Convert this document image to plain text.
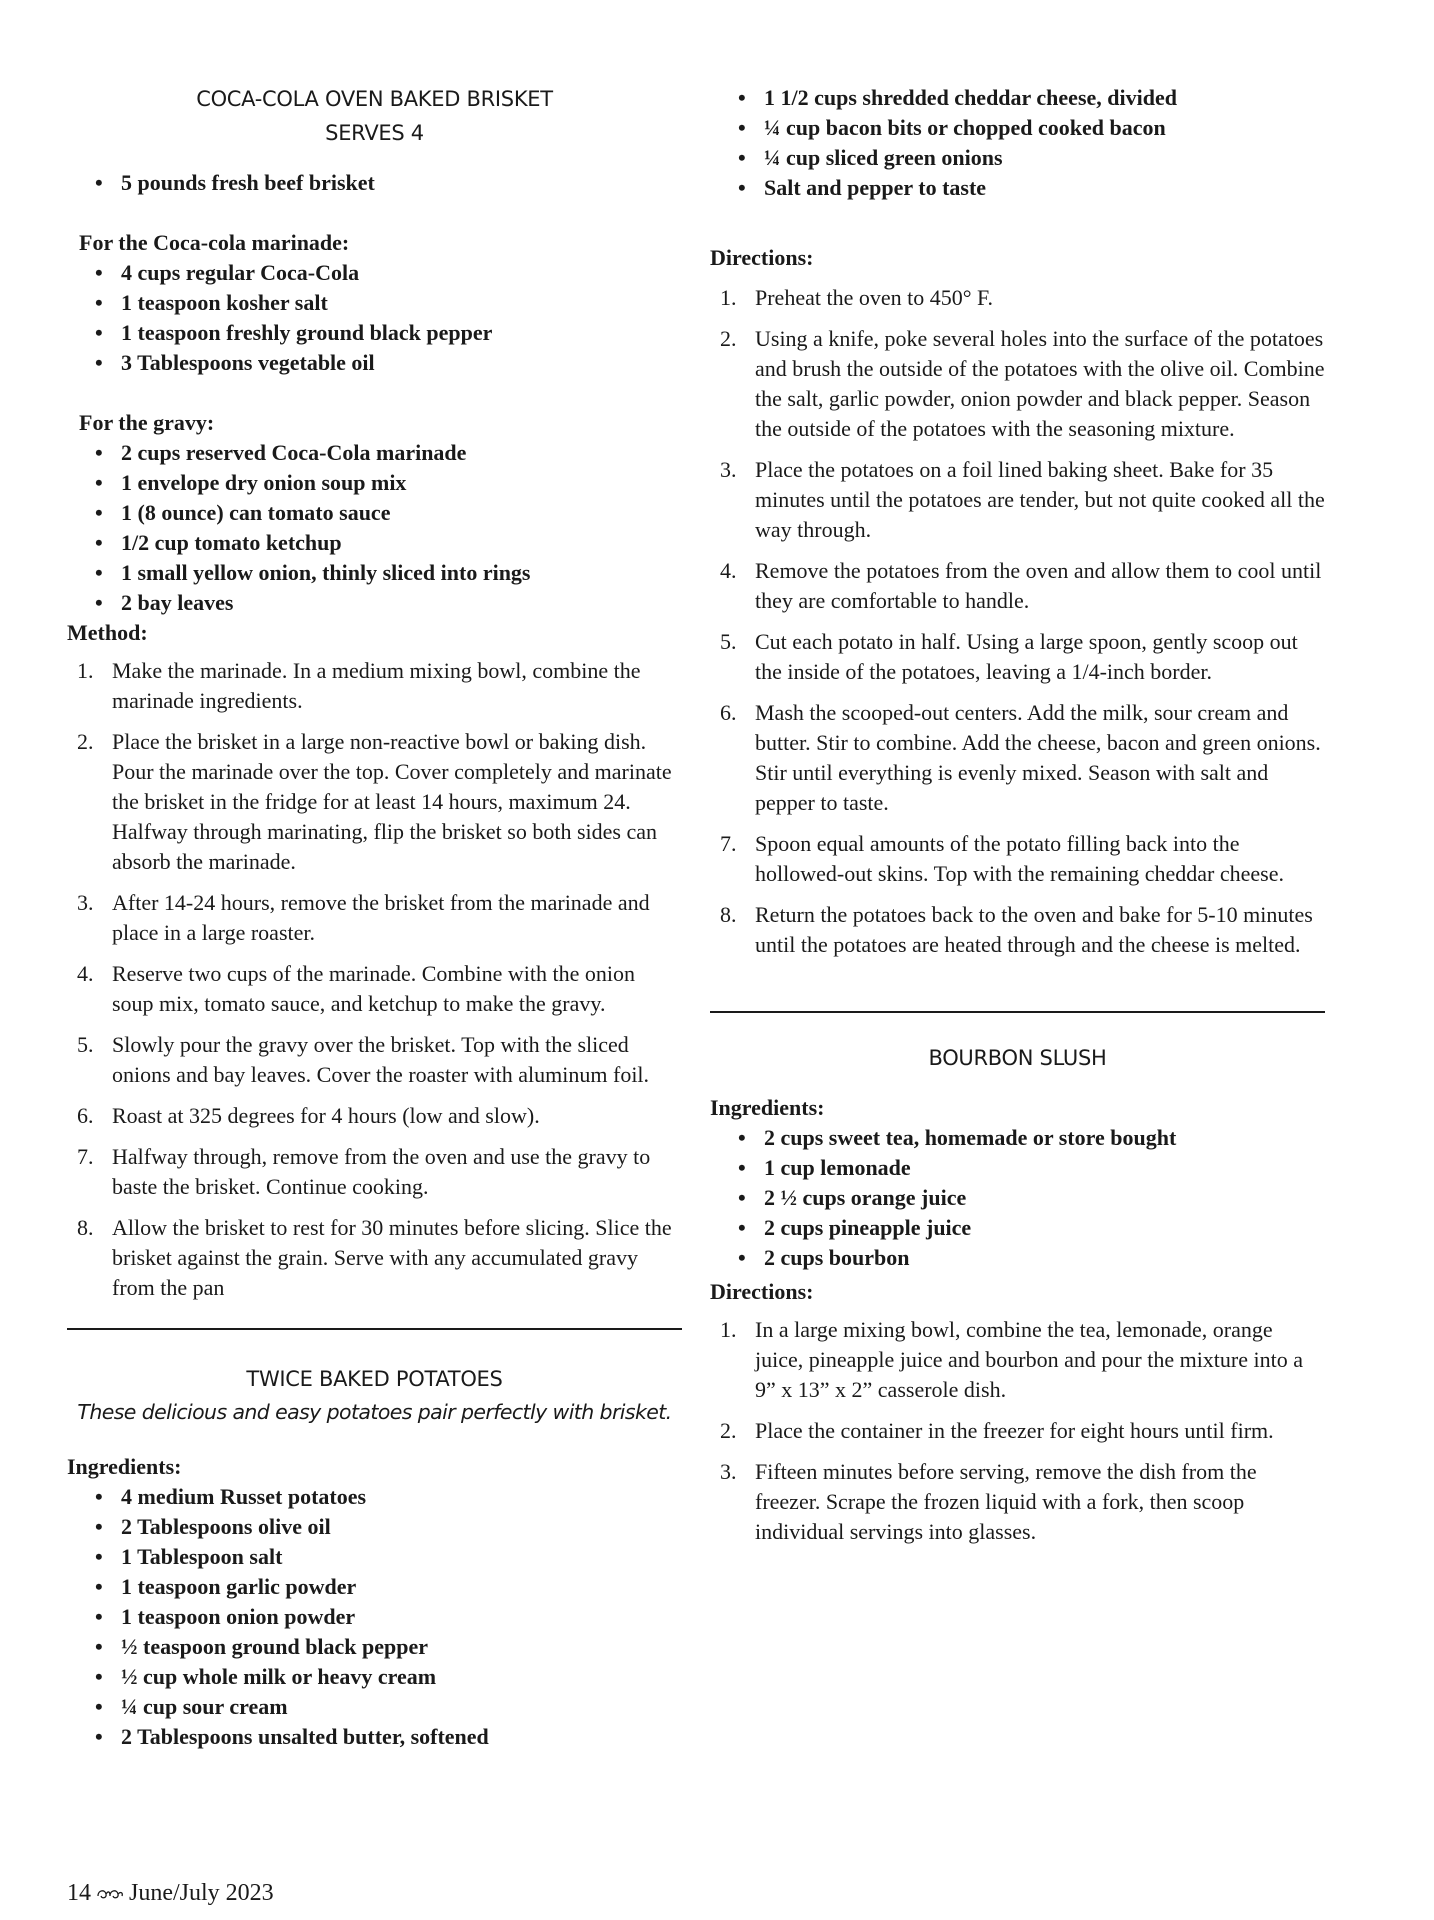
COCA-COLA OVEN BAKED BRISKET
SERVES 4
• 5 pounds fresh beef brisket

For the Coca-cola marinade:

• 4 cups regular Coca-Cola
• 1 teaspoon kosher salt
• 1 teaspoon freshly ground black pepper
• 3 Tablespoons vegetable oil

For the gravy:

• 2 cups reserved Coca-Cola marinade
• 1 envelope dry onion soup mix
• 1 (8 ounce) can tomato sauce
• 1/2 cup tomato ketchup
• 1 small yellow onion, thinly sliced into rings
• 2 bay leaves

Method:

1. Make the marinade. In a medium mixing bowl, combine the marinade ingredients.
2. Place the brisket in a large non-reactive bowl or baking dish. Pour the marinade over the top. Cover completely and marinate the brisket in the fridge for at least 14 hours, maximum 24. Halfway through marinating, flip the brisket so both sides can absorb the marinade.
3. After 14-24 hours, remove the brisket from the marinade and place in a large roaster.
4. Reserve two cups of the marinade. Combine with the onion soup mix, tomato sauce, and ketchup to make the gravy.
5. Slowly pour the gravy over the brisket. Top with the sliced onions and bay leaves. Cover the roaster with aluminum foil.
6. Roast at 325 degrees for 4 hours (low and slow).
7. Halfway through, remove from the oven and use the gravy to baste the brisket. Continue cooking.
8. Allow the brisket to rest for 30 minutes before slicing. Slice the brisket against the grain. Serve with any accumulated gravy from the pan
TWICE BAKED POTATOES
These delicious and easy potatoes pair perfectly with brisket.

Ingredients:

• 4 medium Russet potatoes
• 2 Tablespoons olive oil
• 1 Tablespoon salt
• 1 teaspoon garlic powder
• 1 teaspoon onion powder
• ½ teaspoon ground black pepper
• ½ cup whole milk or heavy cream
• ¼ cup sour cream
• 2 Tablespoons unsalted butter, softened
• 1 1/2 cups shredded cheddar cheese, divided
• ¼ cup bacon bits or chopped cooked bacon
• ¼ cup sliced green onions
• Salt and pepper to taste

Directions:

1. Preheat the oven to 450° F.
2. Using a knife, poke several holes into the surface of the potatoes and brush the outside of the potatoes with the olive oil. Combine the salt, garlic powder, onion powder and black pepper. Season the outside of the potatoes with the seasoning mixture.
3. Place the potatoes on a foil lined baking sheet. Bake for 35 minutes until the potatoes are tender, but not quite cooked all the way through.
4. Remove the potatoes from the oven and allow them to cool until they are comfortable to handle.
5. Cut each potato in half. Using a large spoon, gently scoop out the inside of the potatoes, leaving a 1/4-inch border.
6. Mash the scooped-out centers. Add the milk, sour cream and butter. Stir to combine. Add the cheese, bacon and green onions. Stir until everything is evenly mixed. Season with salt and pepper to taste.
7. Spoon equal amounts of the potato filling back into the hollowed-out skins. Top with the remaining cheddar cheese.
8. Return the potatoes back to the oven and bake for 5-10 minutes until the potatoes are heated through and the cheese is melted.
BOURBON SLUSH

Ingredients:

• 2 cups sweet tea, homemade or store bought
• 1 cup lemonade
• 2 ½ cups orange juice
• 2 cups pineapple juice
• 2 cups bourbon

Directions:

1. In a large mixing bowl, combine the tea, lemonade, orange juice, pineapple juice and bourbon and pour the mixture into a 9” x 13” x 2” casserole dish.
2. Place the container in the freezer for eight hours until firm.
3. Fifteen minutes before serving, remove the dish from the freezer. Scrape the frozen liquid with a fork, then scoop individual servings into glasses.
14 June/July 2023
